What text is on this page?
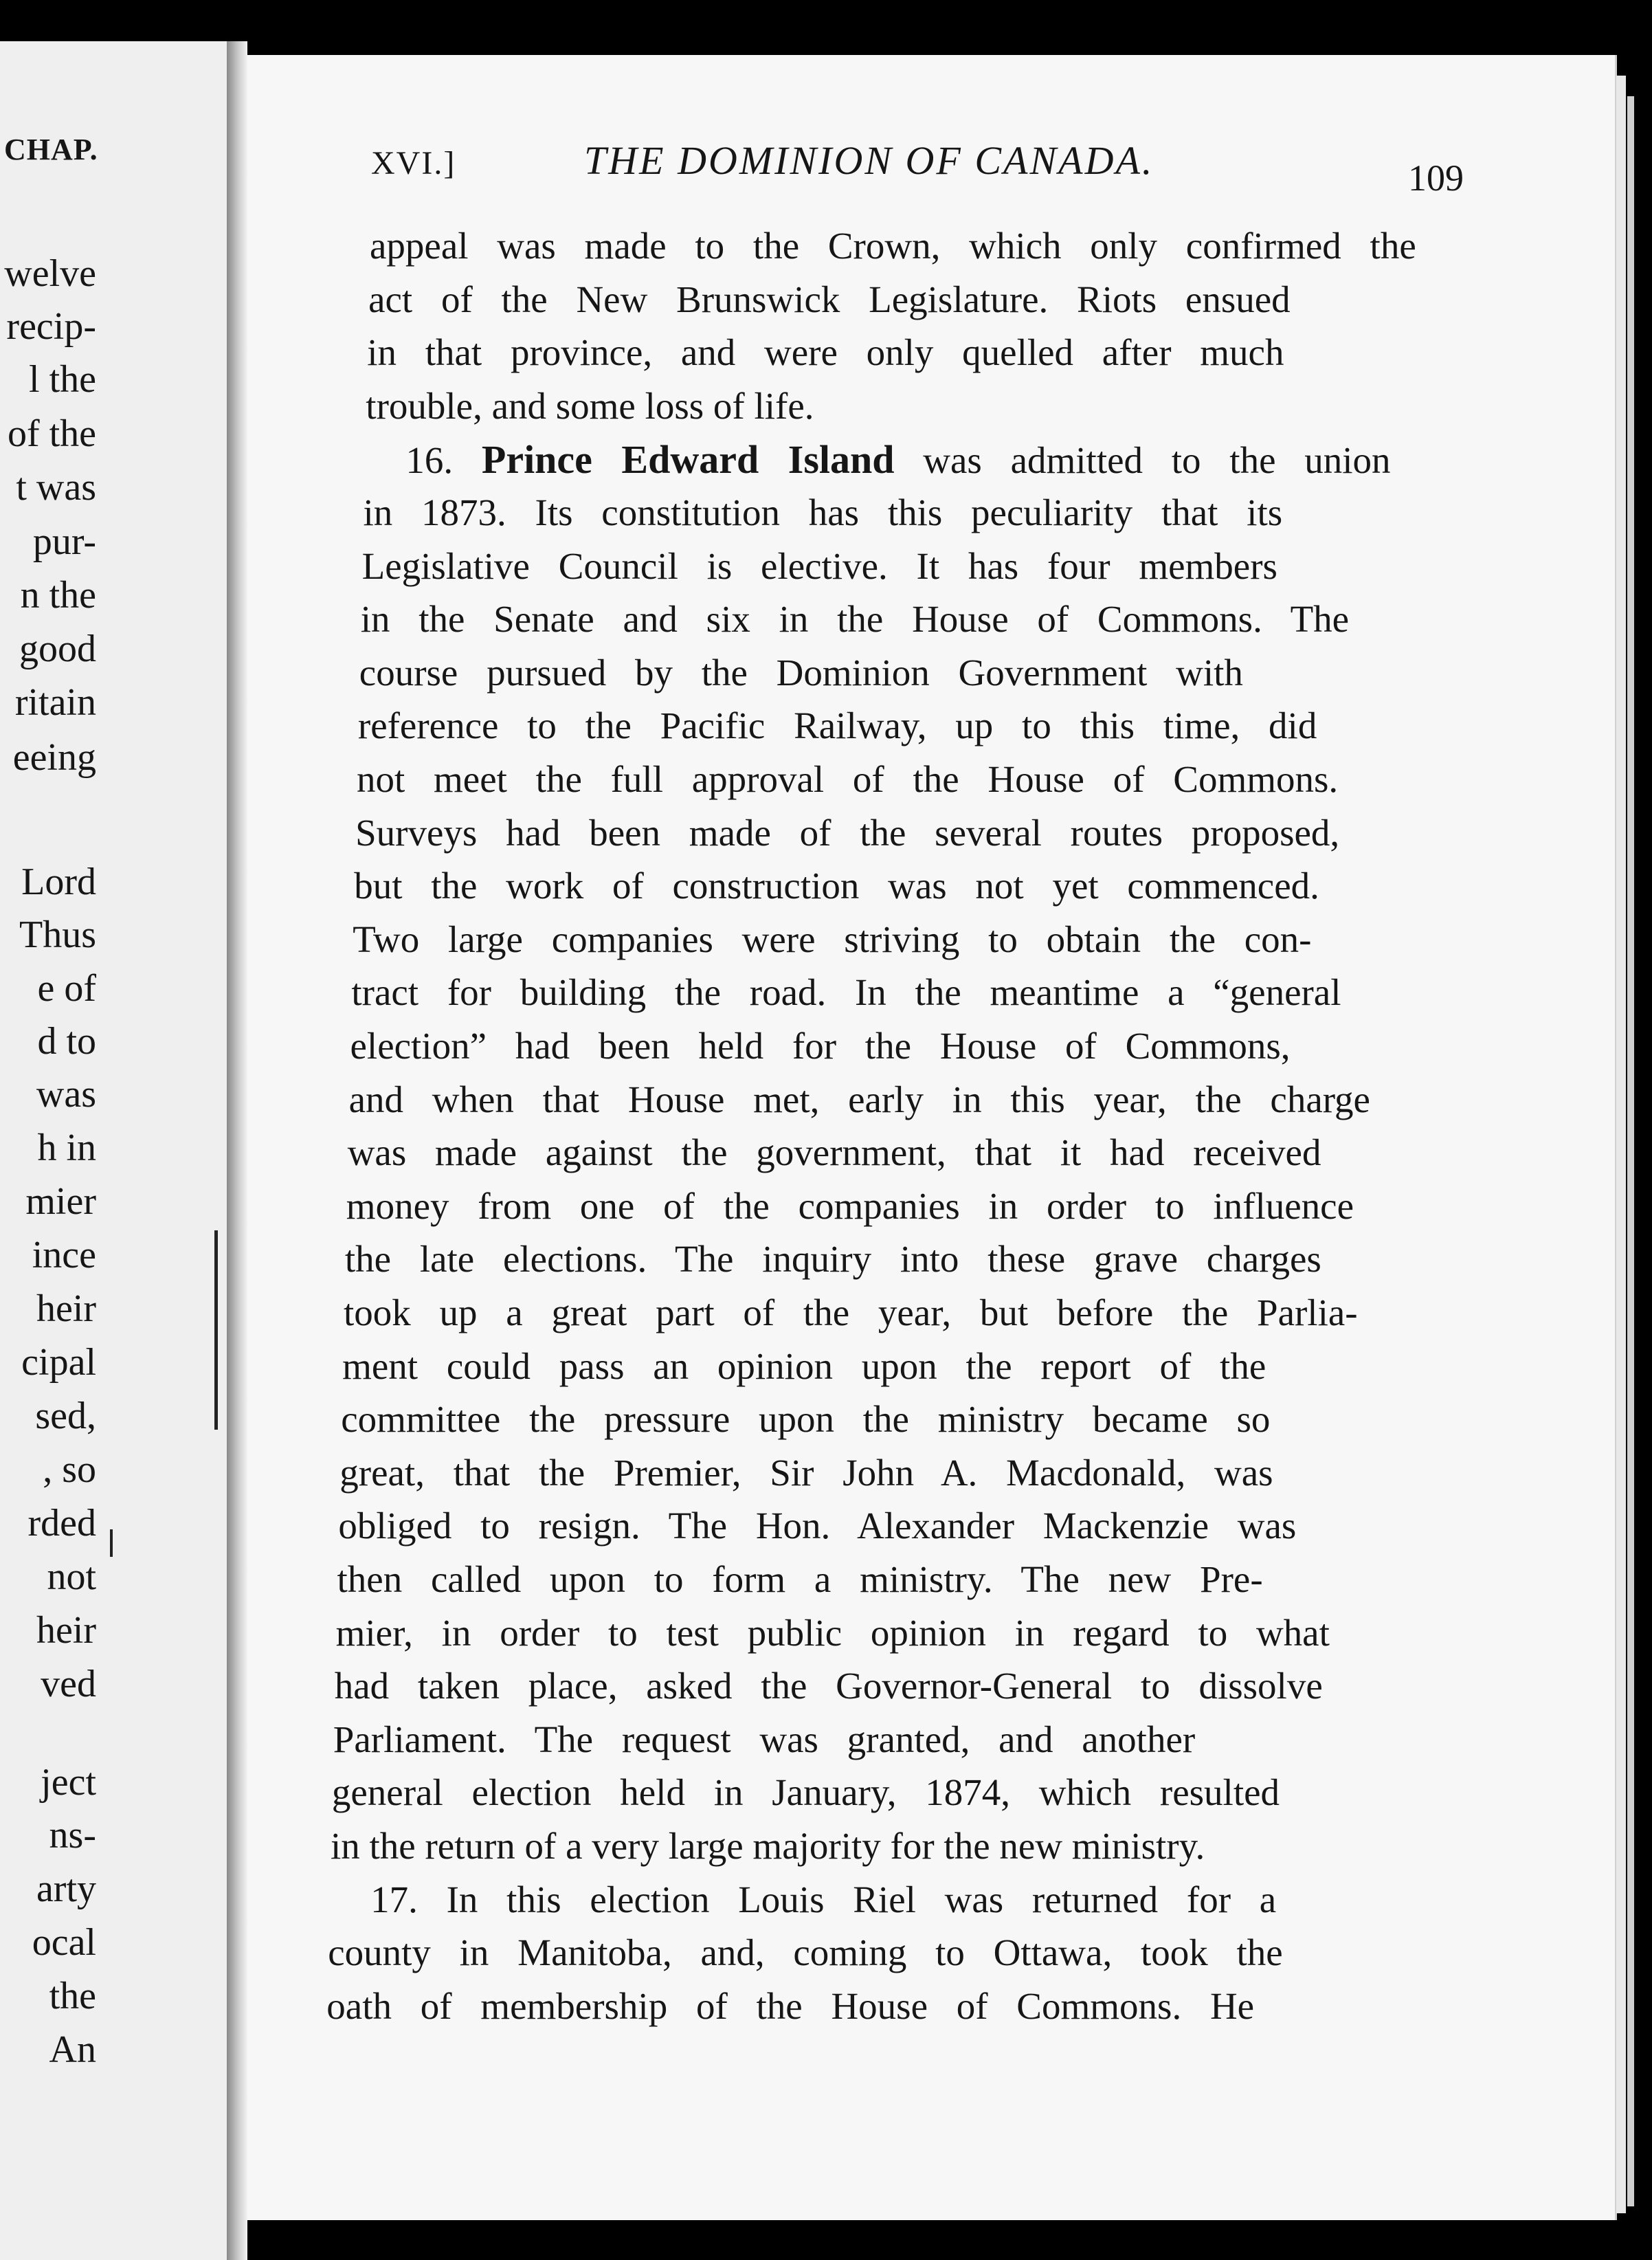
CHAP.
welve
recip-
l the
of the
t was
pur-
n the
good
ritain
eeing
Lord
Thus
e of
d to
was
h in
mier
ince
heir
cipal
sed,
, so
rded
not
heir
ved
ject
ns-
arty
ocal
the
An
XVI.]	THE DOMINION OF CANADA.	109
appeal was made to the Crown, which only confirmed the
act of the New Brunswick Legislature. Riots ensued
in that province, and were only quelled after much
trouble, and some loss of life.
16. Prince Edward Island was admitted to the union
in 1873. Its constitution has this peculiarity that its
Legislative Council is elective. It has four members
in the Senate and six in the House of Commons. The
course pursued by the Dominion Government with
reference to the Pacific Railway, up to this time, did
not meet the full approval of the House of Commons.
Surveys had been made of the several routes proposed,
but the work of construction was not yet commenced.
Two large companies were striving to obtain the con-
tract for building the road. In the meantime a “general
election” had been held for the House of Commons,
and when that House met, early in this year, the charge
was made against the government, that it had received
money from one of the companies in order to influence
the late elections. The inquiry into these grave charges
took up a great part of the year, but before the Parlia-
ment could pass an opinion upon the report of the
committee the pressure upon the ministry became so
great, that the Premier, Sir John A. Macdonald, was
obliged to resign. The Hon. Alexander Mackenzie was
then called upon to form a ministry. The new Pre-
mier, in order to test public opinion in regard to what
had taken place, asked the Governor-General to dissolve
Parliament. The request was granted, and another
general election held in January, 1874, which resulted
in the return of a very large majority for the new ministry.
17. In this election Louis Riel was returned for a
county in Manitoba, and, coming to Ottawa, took the
oath of membership of the House of Commons. He
